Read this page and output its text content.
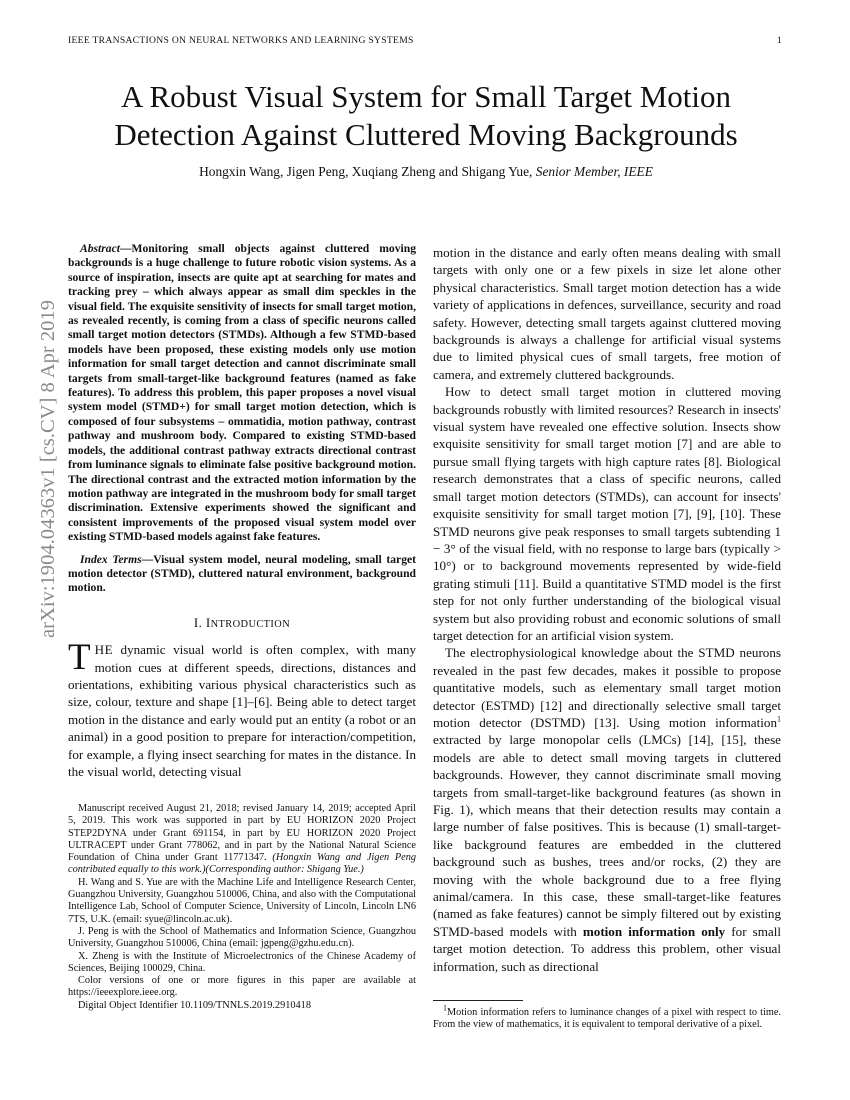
IEEE TRANSACTIONS ON NEURAL NETWORKS AND LEARNING SYSTEMS	1
arXiv:1904.04363v1 [cs.CV] 8 Apr 2019
A Robust Visual System for Small Target Motion
Detection Against Cluttered Moving Backgrounds
Hongxin Wang, Jigen Peng, Xuqiang Zheng and Shigang Yue, Senior Member, IEEE

Abstract—Monitoring small objects against cluttered moving backgrounds is a huge challenge to future robotic vision systems. As a source of inspiration, insects are quite apt at searching for mates and tracking prey – which always appear as small dim speckles in the visual field. The exquisite sensitivity of insects for small target motion, as revealed recently, is coming from a class of specific neurons called small target motion detectors (STMDs). Although a few STMD-based models have been proposed, these existing models only use motion information for small target detection and cannot discriminate small targets from small-target-like background features (named as fake features). To address this problem, this paper proposes a novel visual system model (STMD+) for small target motion detection, which is composed of four subsystems – ommatidia, motion pathway, contrast pathway and mushroom body. Compared to existing STMD-based models, the additional contrast pathway extracts directional contrast from luminance signals to eliminate false positive background motion. The directional contrast and the extracted motion information by the motion pathway are integrated in the mushroom body for small target discrimination. Extensive experiments showed the significant and consistent improvements of the proposed visual system model over existing STMD-based models against fake features.

Index Terms—Visual system model, neural modeling, small target motion detector (STMD), cluttered natural environment, background motion.

I. INTRODUCTION

THE dynamic visual world is often complex, with many motion cues at different speeds, directions, distances and orientations, exhibiting various physical characteristics such as size, colour, texture and shape [1]–[6]. Being able to detect target motion in the distance and early would put an entity (a robot or an animal) in a good position to prepare for interaction/competition, for example, a flying insect searching for mates in the distance. In the visual world, detecting visual

Manuscript received August 21, 2018; revised January 14, 2019; accepted April 5, 2019. This work was supported in part by EU HORIZON 2020 Project STEP2DYNA under Grant 691154, in part by EU HORIZON 2020 Project ULTRACEPT under Grant 778062, and in part by the National Natural Science Foundation of China under Grant 11771347. (Hongxin Wang and Jigen Peng contributed equally to this work.)(Corresponding author: Shigang Yue.)

H. Wang and S. Yue are with the Machine Life and Intelligence Research Center, Guangzhou University, Guangzhou 510006, China, and also with the Computational Intelligence Lab, School of Computer Science, University of Lincoln, Lincoln LN6 7TS, U.K. (email: syue@lincoln.ac.uk).

J. Peng is with the School of Mathematics and Information Science, Guangzhou University, Guangzhou 510006, China (email: jgpeng@gzhu.edu.cn).

X. Zheng is with the Institute of Microelectronics of the Chinese Academy of Sciences, Beijing 100029, China.

Color versions of one or more figures in this paper are available at https://ieeexplore.ieee.org.

Digital Object Identifier 10.1109/TNNLS.2019.2910418

motion in the distance and early often means dealing with small targets with only one or a few pixels in size let alone other physical characteristics. Small target motion detection has a wide variety of applications in defences, surveillance, security and road safety. However, detecting small targets against cluttered moving backgrounds is always a challenge for artificial visual systems due to limited physical cues of small targets, free motion of camera, and extremely cluttered backgrounds.

How to detect small target motion in cluttered moving backgrounds robustly with limited resources? Research in insects' visual system have revealed one effective solution. Insects show exquisite sensitivity for small target motion [7] and are able to pursue small flying targets with high capture rates [8]. Biological research demonstrates that a class of specific neurons, called small target motion detectors (STMDs), can account for insects' exquisite sensitivity for small target motion [7], [9], [10]. These STMD neurons give peak responses to small targets subtending 1 − 3° of the visual field, with no response to large bars (typically > 10°) or to background movements represented by wide-field grating stimuli [11]. Build a quantitative STMD model is the first step for not only further understanding of the biological visual system but also providing robust and economic solutions of small target detection for an artificial vision system.

The electrophysiological knowledge about the STMD neurons revealed in the past few decades, makes it possible to propose quantitative models, such as elementary small target motion detector (ESTMD) [12] and directionally selective small target motion detector (DSTMD) [13]. Using motion information$^1$ extracted by large monopolar cells (LMCs) [14], [15], these models are able to detect small moving targets in cluttered backgrounds. However, they cannot discriminate small moving targets from small-target-like background features (as shown in Fig. 1), which means that their detection results may contain a large number of false positives. This is because (1) small-target-like background features are embedded in the cluttered background such as bushes, trees and/or rocks, (2) they are moving with the whole background due to a free flying animal/camera. In this case, these small-target-like features (named as fake features) cannot be simply filtered out by existing STMD-based models with motion information only for small target motion detection. To address this problem, other visual information, such as directional

$^1$Motion information refers to luminance changes of a pixel with respect to time. From the view of mathematics, it is equivalent to temporal derivative of a pixel.
